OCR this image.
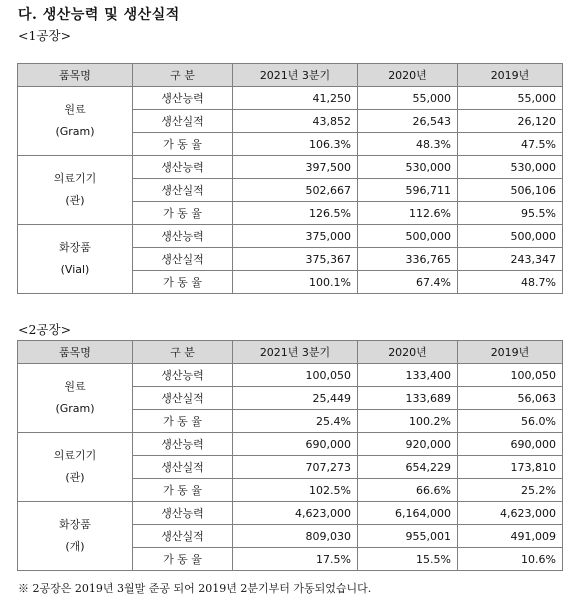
다. 생산능력 및 생산실적
<1공장>
품목명	구 분	2021년 3분기	2020년	2019년

원료
(Gram)	생산능력	41,250	55,000	55,000
	생산실적	43,852	26,543	26,120
	가 동 율	106.3%	48.3%	47.5%

의료기기
(관)	생산능력	397,500	530,000	530,000
	생산실적	502,667	596,711	506,106
	가 동 율	126.5%	112.6%	95.5%

화장품
(Vial)	생산능력	375,000	500,000	500,000
	생산실적	375,367	336,765	243,347
	가 동 율	100.1%	67.4%	48.7%
<2공장>
품목명	구 분	2021년 3분기	2020년	2019년

원료
(Gram)	생산능력	100,050	133,400	100,050
	생산실적	25,449	133,689	56,063
	가 동 율	25.4%	100.2%	56.0%

의료기기
(관)	생산능력	690,000	920,000	690,000
	생산실적	707,273	654,229	173,810
	가 동 율	102.5%	66.6%	25.2%

화장품
(개)	생산능력	4,623,000	6,164,000	4,623,000
	생산실적	809,030	955,001	491,009
	가 동 율	17.5%	15.5%	10.6%
※ 2공장은 2019년 3월말 준공 되어 2019년 2분기부터 가동되었습니다.
